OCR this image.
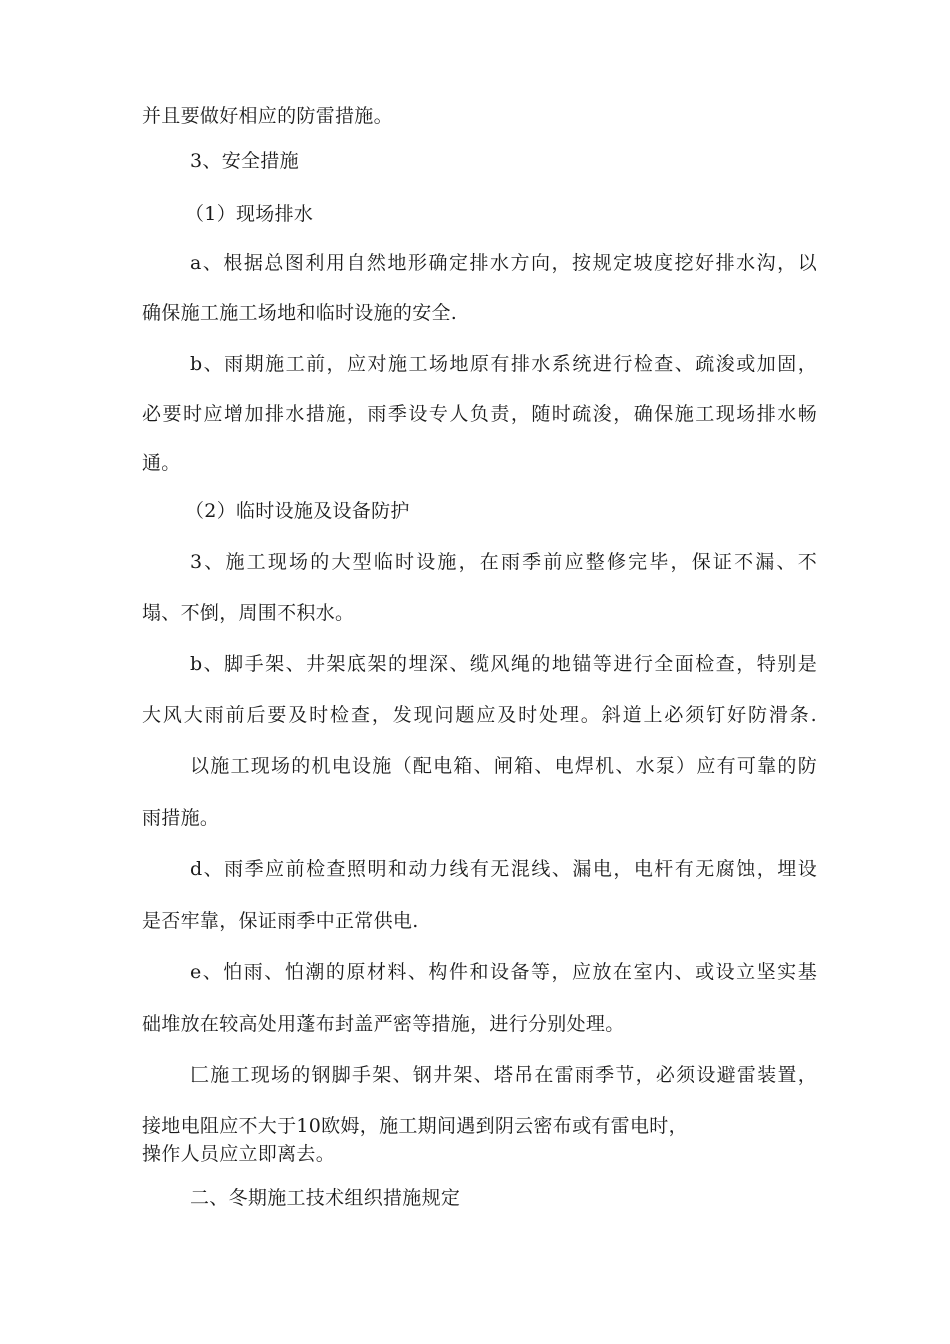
并且要做好相应的防雷措施。
3、安全措施
（1）现场排水
a、根据总图利用自然地形确定排水方向，按规定坡度挖好排水沟，以
确保施工施工场地和临时设施的安全.
b、雨期施工前，应对施工场地原有排水系统进行检查、疏浚或加固，
必要时应增加排水措施，雨季设专人负责，随时疏浚，确保施工现场排水畅
通。
（2）临时设施及设备防护
3、施工现场的大型临时设施，在雨季前应整修完毕，保证不漏、不
塌、不倒，周围不积水。
b、脚手架、井架底架的埋深、缆风绳的地锚等进行全面检查，特别是
大风大雨前后要及时检查，发现问题应及时处理。斜道上必须钉好防滑条.
以施工现场的机电设施（配电箱、闸箱、电焊机、水泵）应有可靠的防
雨措施。
d、雨季应前检查照明和动力线有无混线、漏电，电杆有无腐蚀，埋设
是否牢靠，保证雨季中正常供电.
e、怕雨、怕潮的原材料、构件和设备等，应放在室内、或设立坚实基
础堆放在较高处用蓬布封盖严密等措施，进行分别处理。
匚施工现场的钢脚手架、钢井架、塔吊在雷雨季节，必须设避雷装置，
接地电阻应不大于10欧姆，施工期间遇到阴云密布或有雷电时，
操作人员应立即离去。
二、冬期施工技术组织措施规定
